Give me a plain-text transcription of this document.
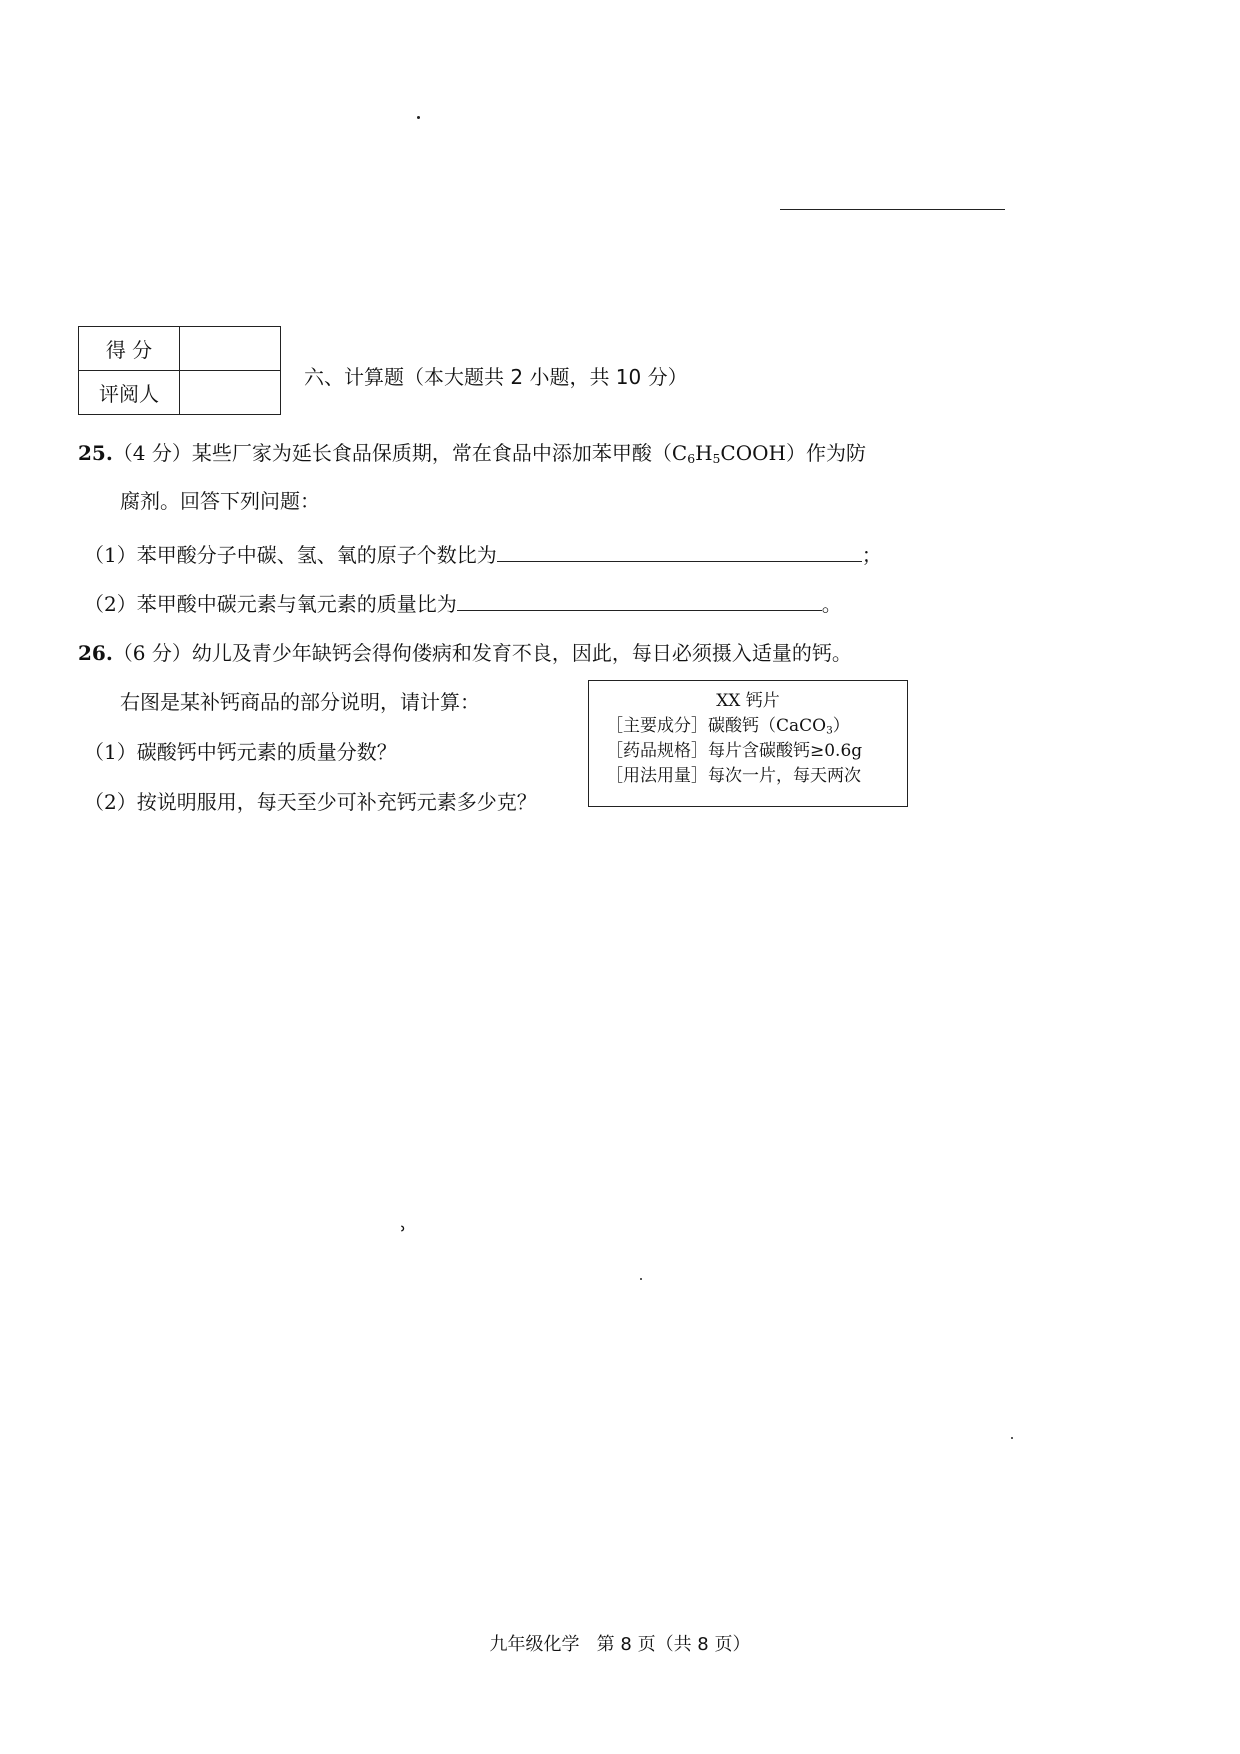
˒
得 分	
评阅人	
六、计算题（本大题共 2 小题，共 10 分）
25.（4 分）某些厂家为延长食品保质期，常在食品中添加苯甲酸$(C_6H_5COOH)$作为防
腐剂。回答下列问题：
（1）苯甲酸分子中碳、氢、氧的原子个数比为	；
（2）苯甲酸中碳元素与氧元素的质量比为	。
26.（6 分）幼儿及青少年缺钙会得佝偻病和发育不良，因此，每日必须摄入适量的钙。
右图是某补钙商品的部分说明，请计算：
（1）碳酸钙中钙元素的质量分数？
（2）按说明服用，每天至少可补充钙元素多少克？
XX 钙片
［主要成分］碳酸钙（CaCO$_3$）
［药品规格］每片含碳酸钙≥0.6g
［用法用量］每次一片，每天两次
九年级化学   第 8 页（共 8 页）
